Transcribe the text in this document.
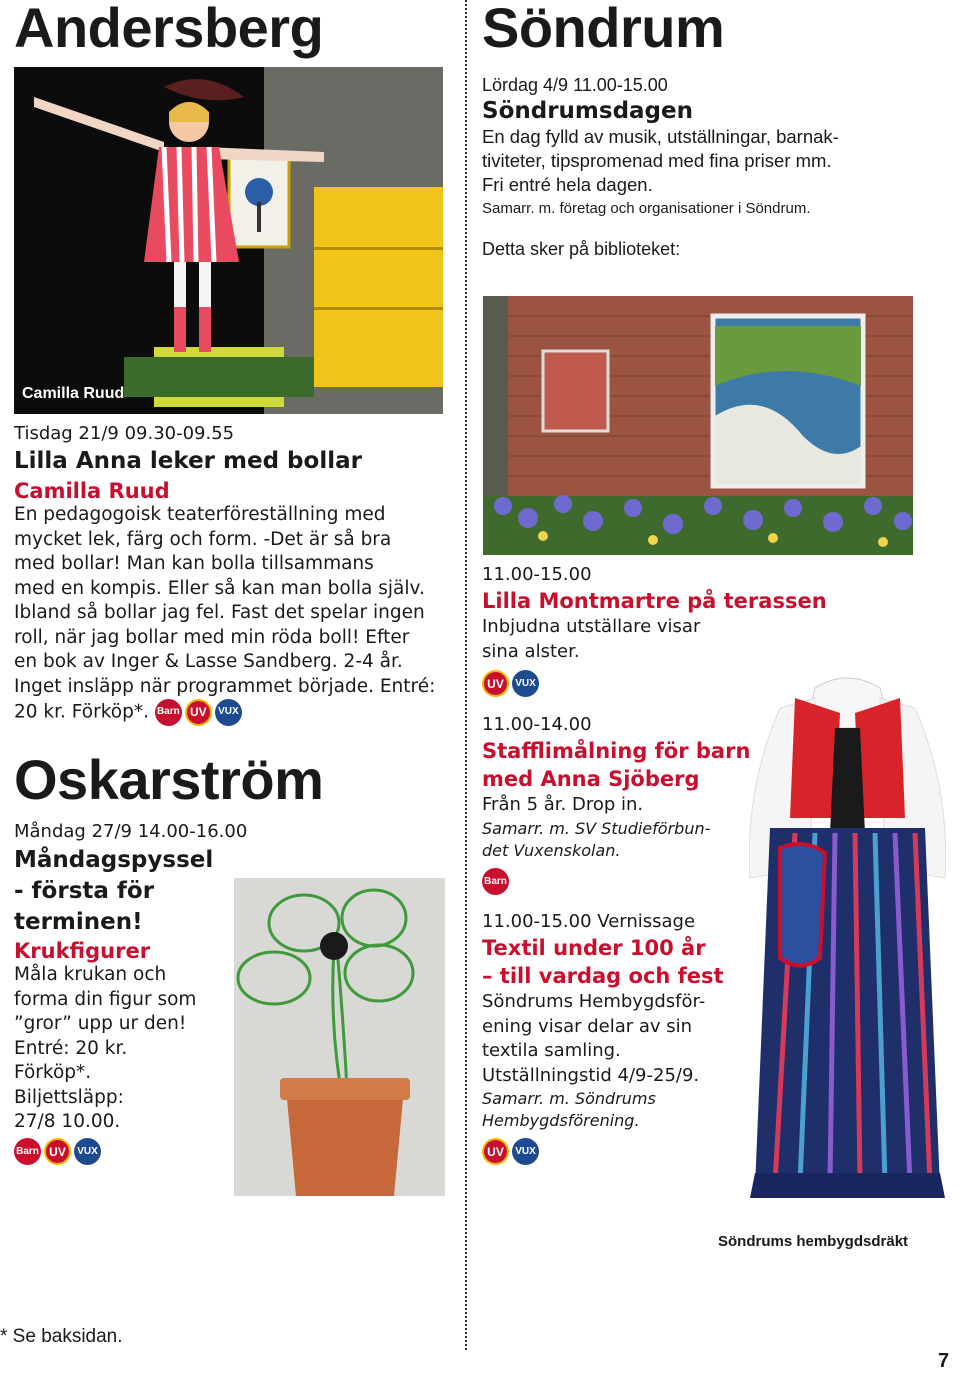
Andersberg
Camilla Ruud
Tisdag 21/9 09.30-09.55
Lilla Anna leker med bollar
Camilla Ruud
En pedagogoisk teaterföreställning med
mycket lek, färg och form. -Det är så bra
med bollar! Man kan bolla tillsammans
med en kompis. Eller så kan man bolla själv.
Ibland så bollar jag fel. Fast det spelar ingen
roll, när jag bollar med min röda boll! Efter
en bok av Inger & Lasse Sandberg. 2-4 år.
Inget insläpp när programmet började. Entré:
20 kr. Förköp*. Barn UV VUX
Oskarström
Måndag 27/9 14.00-16.00
Måndagspyssel
- första för
terminen!
Krukfigurer
Måla krukan och
forma din figur som
”gror” upp ur den!
Entré: 20 kr.
Förköp*.
Biljettsläpp:
27/8 10.00.
Barn UV VUX
Söndrum
Lördag 4/9 11.00-15.00
Söndrumsdagen
En dag fylld av musik, utställningar, barnak-
tiviteter, tipspromenad med fina priser mm.
Fri entré hela dagen.
Samarr. m. företag och organisationer i Söndrum.
Detta sker på biblioteket:
11.00-15.00
Lilla Montmartre på terassen
Inbjudna utställare visar
sina alster.
UV VUX
11.00-14.00
Stafflimålning för barn
med Anna Sjöberg
Från 5 år. Drop in.
Samarr. m. SV Studieförbun-
det Vuxenskolan.
Barn
11.00-15.00 Vernissage
Textil under 100 år
– till vardag och fest
Söndrums Hembygdsför-
ening visar delar av sin
textila samling.
Utställningstid 4/9-25/9.
Samarr. m. Söndrums
Hembygdsförening.
UV VUX
Söndrums hembygdsdräkt
* Se baksidan.
7
